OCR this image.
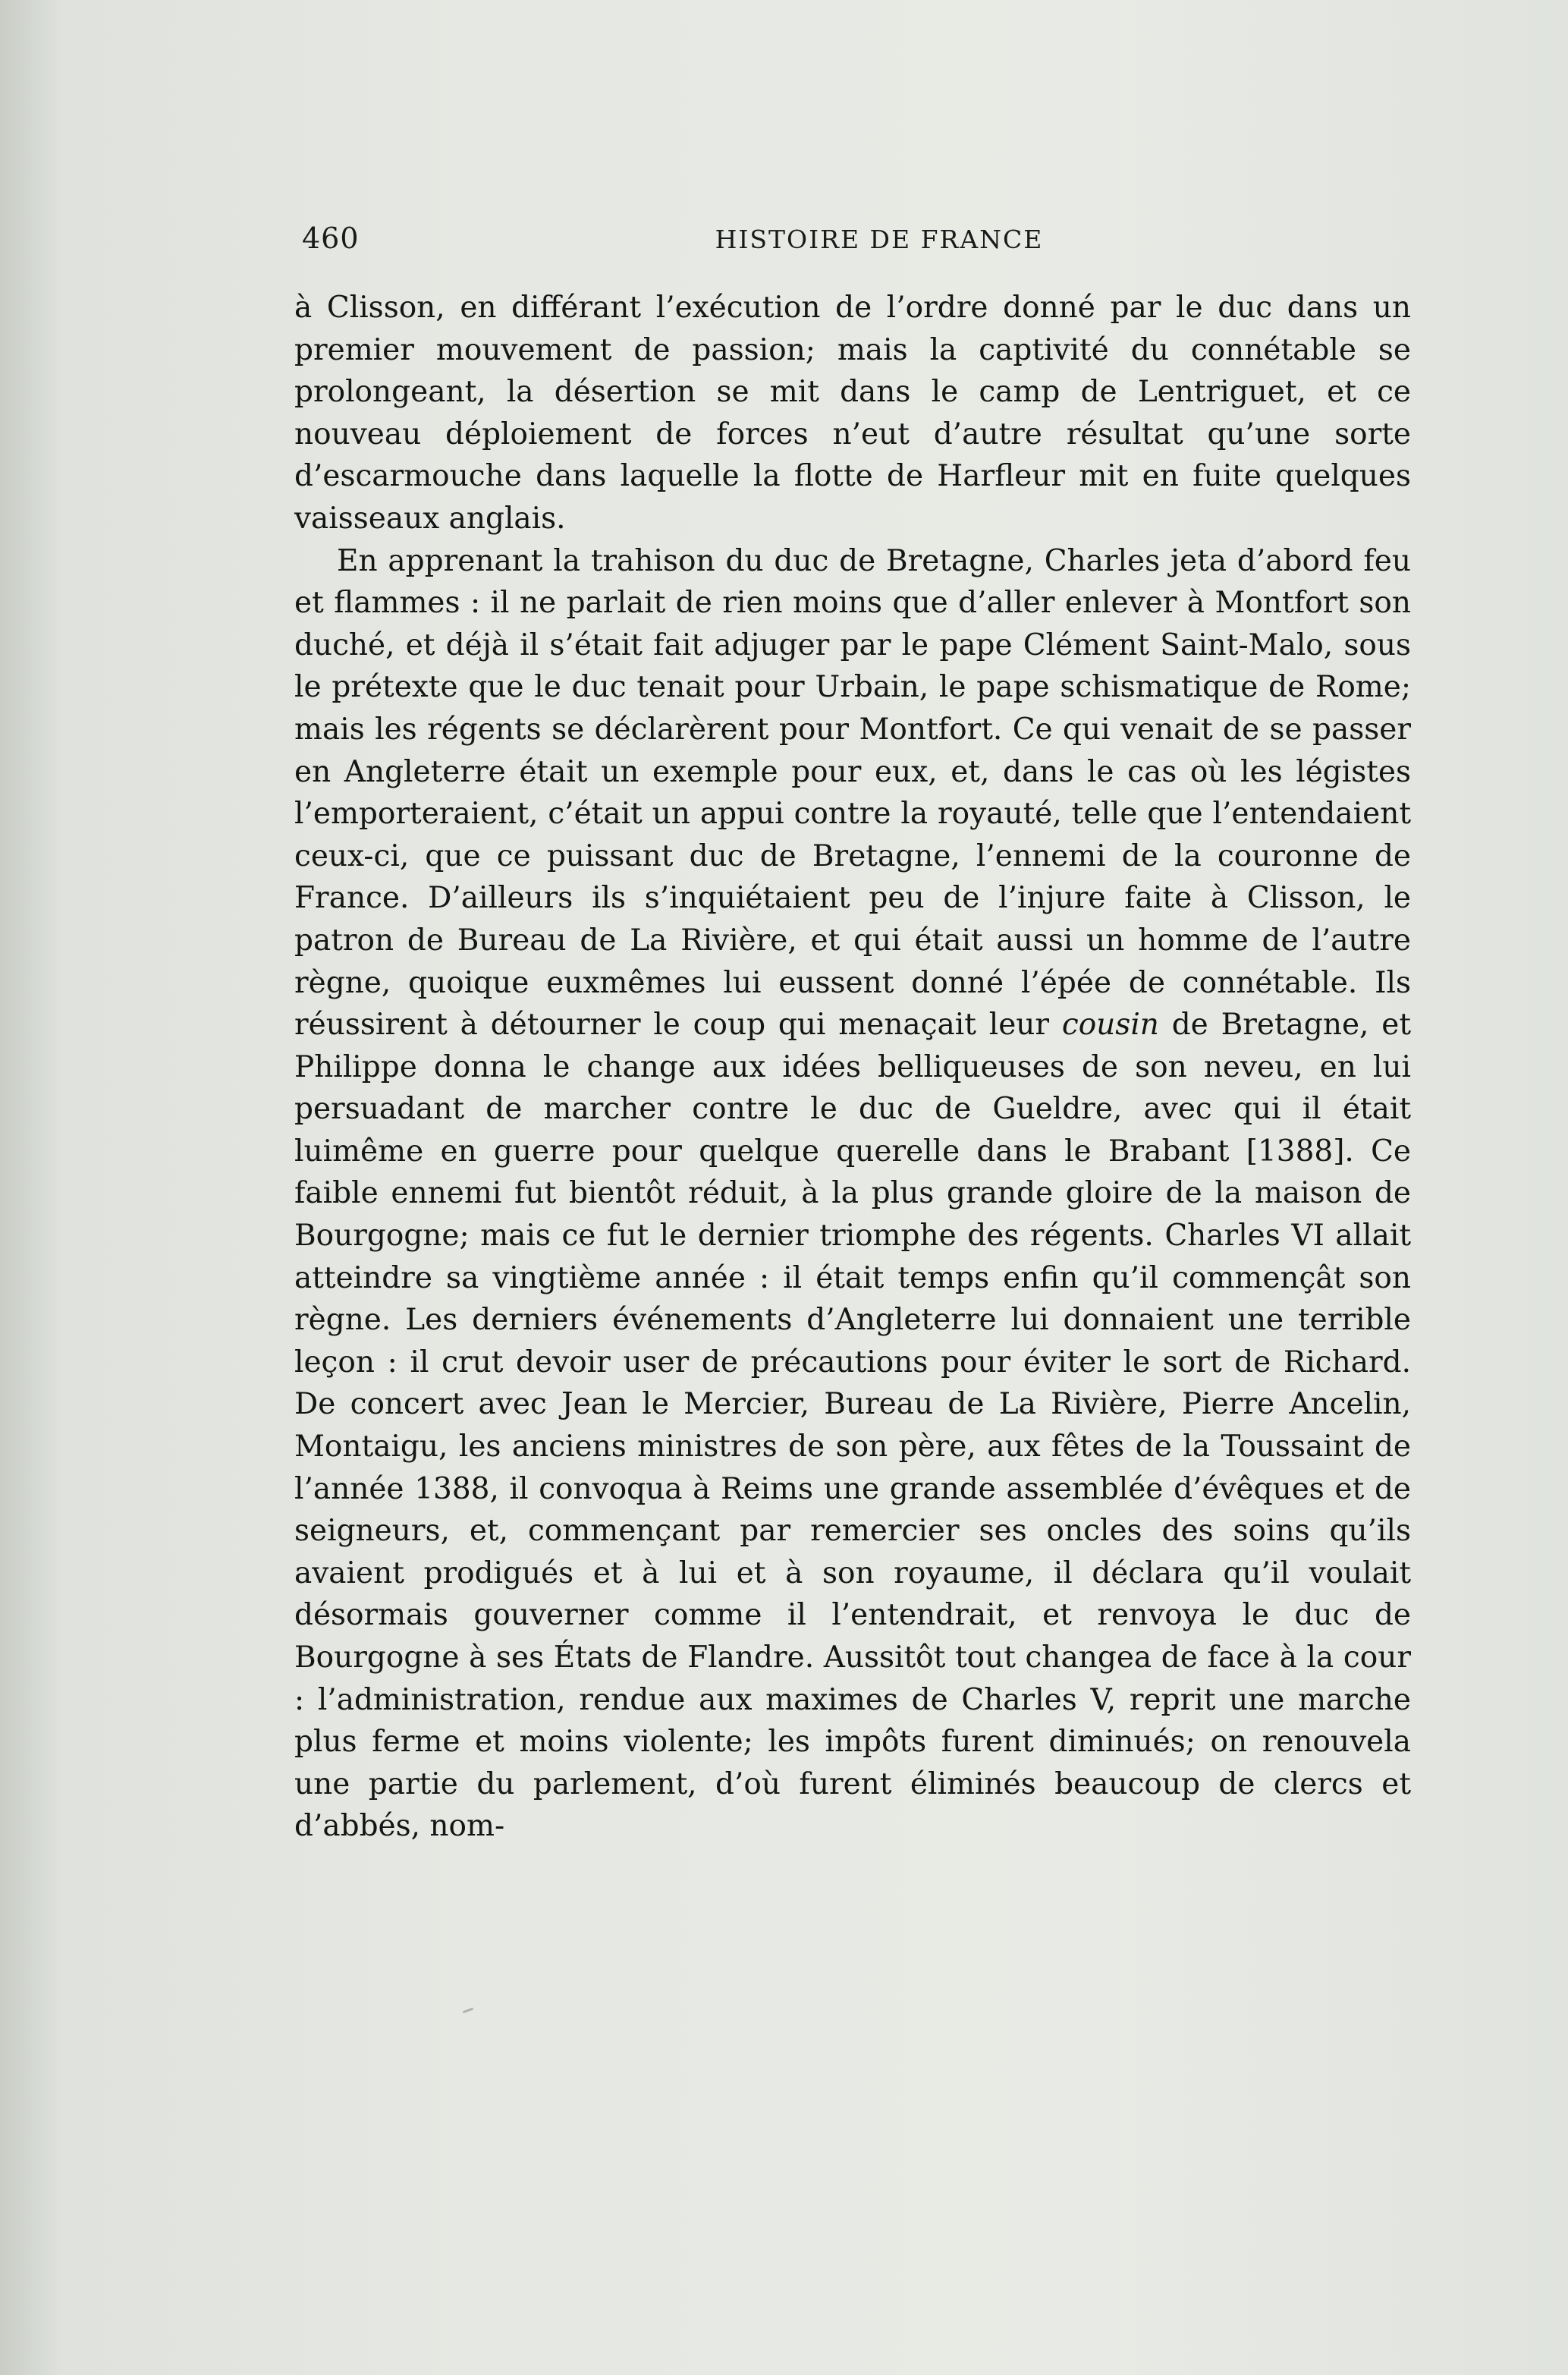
460	HISTOIRE DE FRANCE

à Clisson, en différant l’exécution de l’ordre donné par le duc dans un premier mouvement de passion; mais la captivité du connétable se prolongeant, la désertion se mit dans le camp de Lentriguet, et ce nouveau déploiement de forces n’eut d’autre résultat qu’une sorte d’escarmouche dans laquelle la flotte de Harfleur mit en fuite quelques vaisseaux anglais.

En apprenant la trahison du duc de Bretagne, Charles jeta d’abord feu et flammes : il ne parlait de rien moins que d’aller enlever à Montfort son duché, et déjà il s’était fait adjuger par le pape Clément Saint-Malo, sous le prétexte que le duc tenait pour Urbain, le pape schismatique de Rome; mais les régents se déclarèrent pour Montfort. Ce qui venait de se passer en Angleterre était un exemple pour eux, et, dans le cas où les légistes l’emporteraient, c’était un appui contre la royauté, telle que l’entendaient ceux-ci, que ce puissant duc de Bretagne, l’ennemi de la couronne de France. D’ailleurs ils s’inquiétaient peu de l’injure faite à Clisson, le patron de Bureau de La Rivière, et qui était aussi un homme de l’autre règne, quoique euxmêmes lui eussent donné l’épée de connétable. Ils réussirent à détourner le coup qui menaçait leur cousin de Bretagne, et Philippe donna le change aux idées belliqueuses de son neveu, en lui persuadant de marcher contre le duc de Gueldre, avec qui il était luimême en guerre pour quelque querelle dans le Brabant [1388]. Ce faible ennemi fut bientôt réduit, à la plus grande gloire de la maison de Bourgogne; mais ce fut le dernier triomphe des régents. Charles VI allait atteindre sa vingtième année : il était temps enfin qu’il commençât son règne. Les derniers événements d’Angleterre lui donnaient une terrible leçon : il crut devoir user de précautions pour éviter le sort de Richard. De concert avec Jean le Mercier, Bureau de La Rivière, Pierre Ancelin, Montaigu, les anciens ministres de son père, aux fêtes de la Toussaint de l’année 1388, il convoqua à Reims une grande assemblée d’évêques et de seigneurs, et, commençant par remercier ses oncles des soins qu’ils avaient prodigués et à lui et à son royaume, il déclara qu’il voulait désormais gouverner comme il l’entendrait, et renvoya le duc de Bourgogne à ses États de Flandre. Aussitôt tout changea de face à la cour : l’administration, rendue aux maximes de Charles V, reprit une marche plus ferme et moins violente; les impôts furent diminués; on renouvela une partie du parlement, d’où furent éliminés beaucoup de clercs et d’abbés, nom-
